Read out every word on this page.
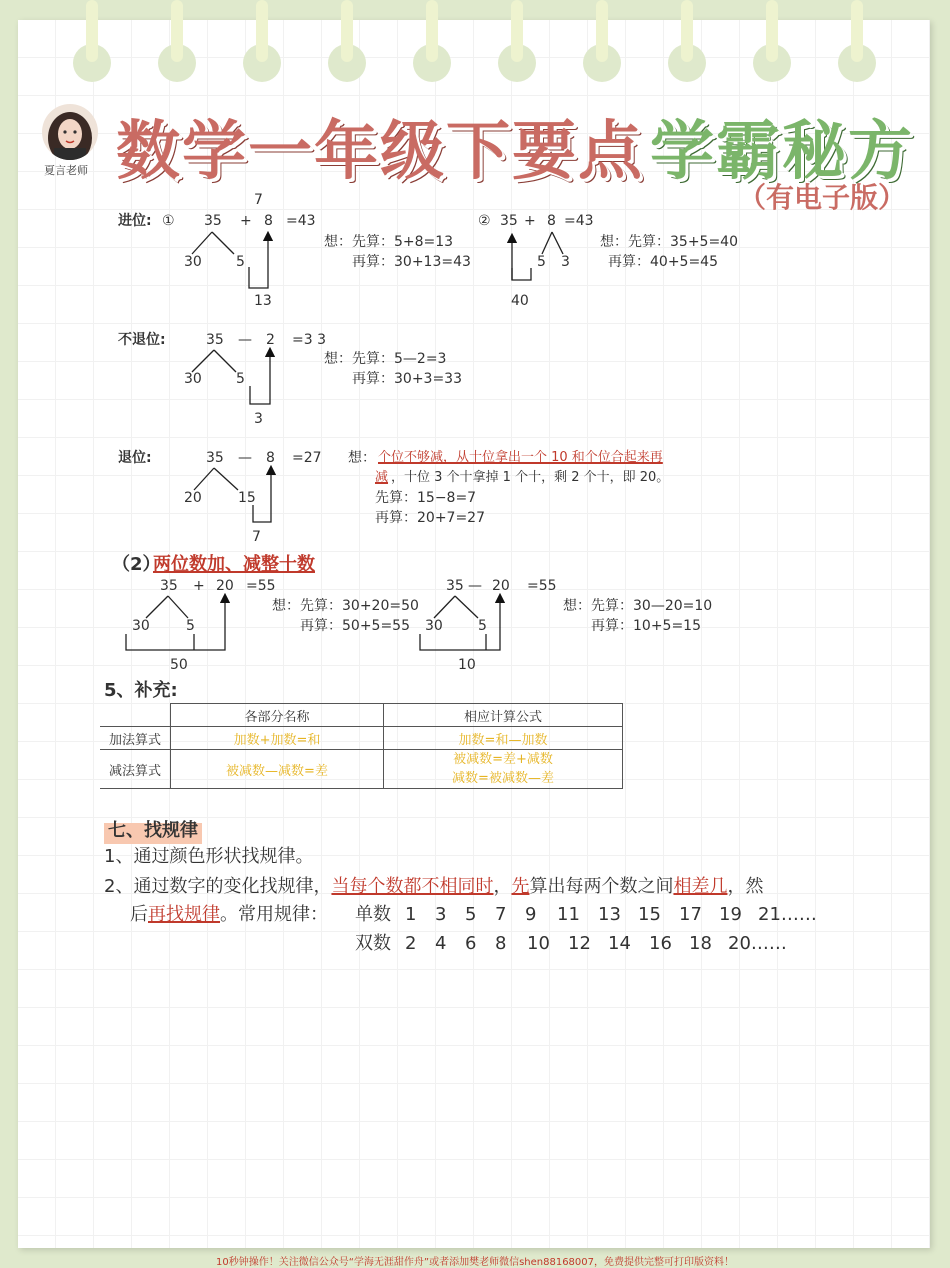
夏言老师 数学一年级下要点 学霸秘方
（有电子版）
进位: ①
7
35 + 8 =43
30 5
13
想：先算：5+8=13
再算：30+13=43
② 35 + 8 =43
5 3
40
想：先算：35+5=40
再算：40+5=45
不退位:	35 — 2 =3 3
30 5
3
想：先算：5—2=3
再算：30+3=33
退位:	35 — 8 =27
20	15
7
想： 个位不够减，从十位拿出一个 10 和个位合起来再
减 ，十位 3 个十拿掉 1 个十，剩 2 个十，即 20。
先算：15−8=7
再算：20+7=27
（2）
两位数加、减整十数
35 + 20 =55
30	5
50
想：先算：30+20=50
再算：50+5=55
35 — 20 =55
30	5
10
想：先算：30—20=10
再算：10+5=15
5、补充:
	各部分名称	相应计算公式
加法算式	加数+加数=和	加数=和—加数
减法算式	被减数—减数=差	被减数=差+减数
减数=被减数—差
七、找规律
1、通过颜色形状找规律。
2、通过数字的变化找规律，当每个数都不相同时，先算出每两个数之间相差几，然
后再找规律。常用规律： 单数 1 3 5 7 9 11 13 15 17 19 21……
双数 2 4 6 8 10 12 14 16 18 20……
10秒钟操作！关注微信公众号“学海无涯甜作舟”或者添加樊老师微信shen88168007，免费提供完整可打印版资料！
